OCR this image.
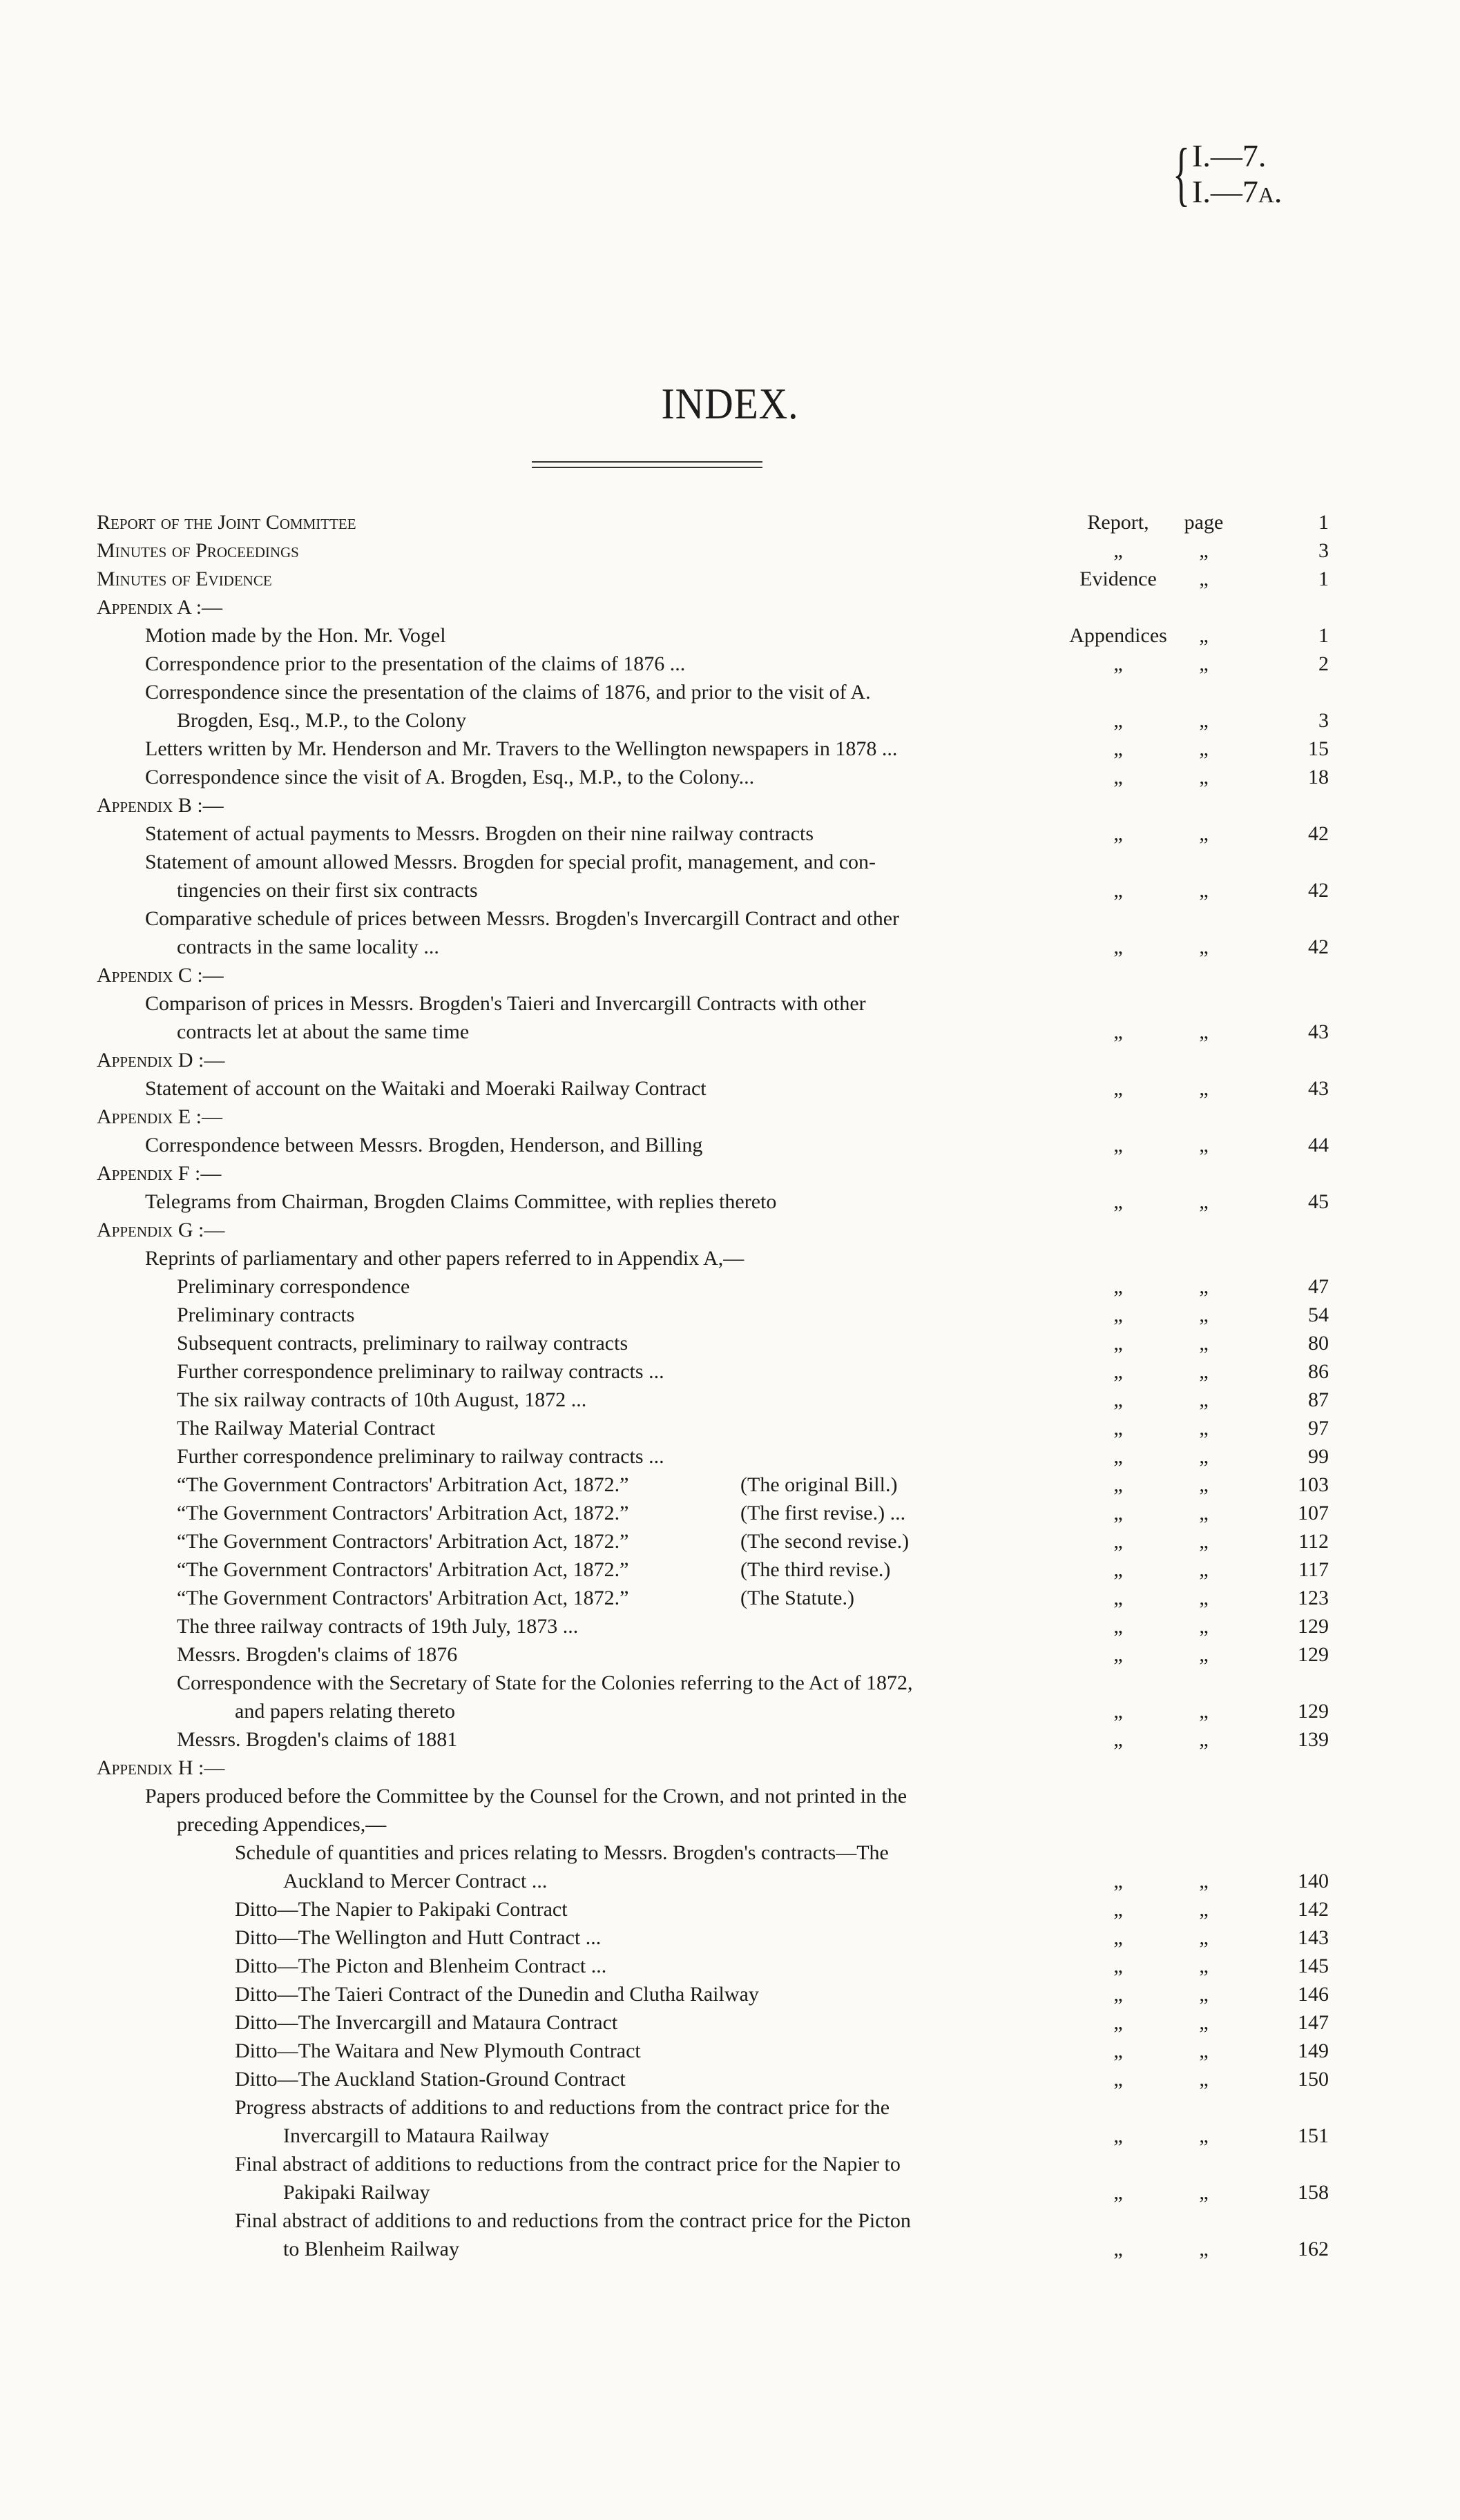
{ I.—7.
I.—7a.
INDEX.
Report of the Joint Committee	Report,	page	1
Minutes of Proceedings	„	„	3
Minutes of Evidence	Evidence	„	1
Appendix A :—
Motion made by the Hon. Mr. Vogel	Appendices	„	1
Correspondence prior to the presentation of the claims of 1876 ...	„	„	2
Correspondence since the presentation of the claims of 1876, and prior to the visit of A.
Brogden, Esq., M.P., to the Colony	„	„	3
Letters written by Mr. Henderson and Mr. Travers to the Wellington newspapers in 1878 ...	„	„	15
Correspondence since the visit of A. Brogden, Esq., M.P., to the Colony...	„	„	18
Appendix B :—
Statement of actual payments to Messrs. Brogden on their nine railway contracts	„	„	42
Statement of amount allowed Messrs. Brogden for special profit, management, and con-
tingencies on their first six contracts	„	„	42
Comparative schedule of prices between Messrs. Brogden's Invercargill Contract and other
contracts in the same locality ...	„	„	42
Appendix C :—
Comparison of prices in Messrs. Brogden's Taieri and Invercargill Contracts with other
contracts let at about the same time	„	„	43
Appendix D :—
Statement of account on the Waitaki and Moeraki Railway Contract	„	„	43
Appendix E :—
Correspondence between Messrs. Brogden, Henderson, and Billing	„	„	44
Appendix F :—
Telegrams from Chairman, Brogden Claims Committee, with replies thereto	„	„	45
Appendix G :—
Reprints of parliamentary and other papers referred to in Appendix A,—
Preliminary correspondence	„	„	47
Preliminary contracts	„	„	54
Subsequent contracts, preliminary to railway contracts	„	„	80
Further correspondence preliminary to railway contracts ...	„	„	86
The six railway contracts of 10th August, 1872 ...	„	„	87
The Railway Material Contract	„	„	97
Further correspondence preliminary to railway contracts ...	„	„	99
“The Government Contractors' Arbitration Act, 1872.”	(The original Bill.)	„	„	103
“The Government Contractors' Arbitration Act, 1872.”	(The first revise.) ...	„	„	107
“The Government Contractors' Arbitration Act, 1872.”	(The second revise.)	„	„	112
“The Government Contractors' Arbitration Act, 1872.”	(The third revise.)	„	„	117
“The Government Contractors' Arbitration Act, 1872.”	(The Statute.)	„	„	123
The three railway contracts of 19th July, 1873 ...	„	„	129
Messrs. Brogden's claims of 1876	„	„	129
Correspondence with the Secretary of State for the Colonies referring to the Act of 1872,
and papers relating thereto	„	„	129
Messrs. Brogden's claims of 1881	„	„	139
Appendix H :—
Papers produced before the Committee by the Counsel for the Crown, and not printed in the
preceding Appendices,—
Schedule of quantities and prices relating to Messrs. Brogden's contracts—The
Auckland to Mercer Contract ...	„	„	140
Ditto—The Napier to Pakipaki Contract	„	„	142
Ditto—The Wellington and Hutt Contract ...	„	„	143
Ditto—The Picton and Blenheim Contract ...	„	„	145
Ditto—The Taieri Contract of the Dunedin and Clutha Railway	„	„	146
Ditto—The Invercargill and Mataura Contract	„	„	147
Ditto—The Waitara and New Plymouth Contract	„	„	149
Ditto—The Auckland Station-Ground Contract	„	„	150
Progress abstracts of additions to and reductions from the contract price for the
Invercargill to Mataura Railway	„	„	151
Final abstract of additions to reductions from the contract price for the Napier to
Pakipaki Railway	„	„	158
Final abstract of additions to and reductions from the contract price for the Picton
to Blenheim Railway	„	„	162
